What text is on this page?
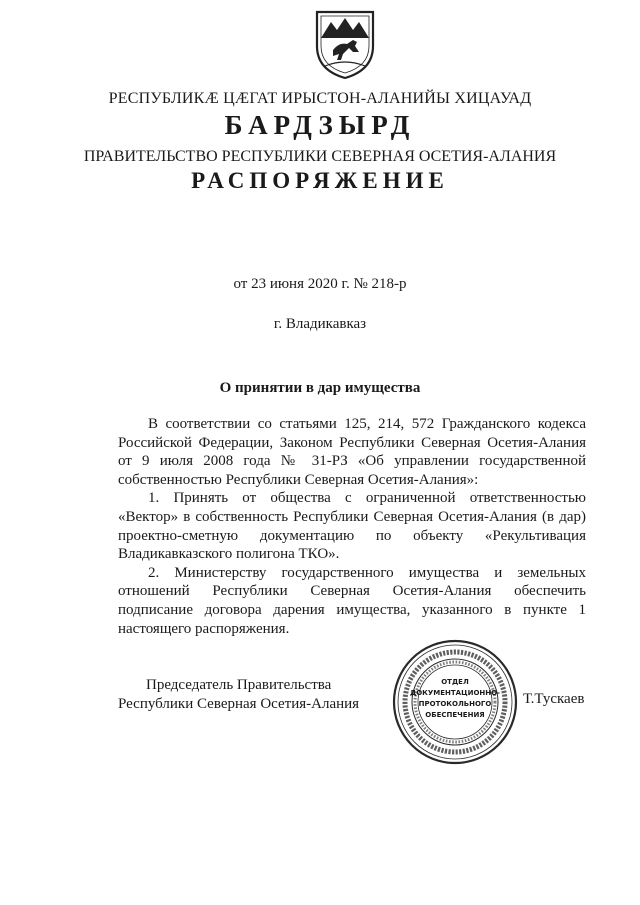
РЕСПУБЛИКӔ ЦӔГАТ ИРЫСТОН-АЛАНИЙЫ ХИЦАУАД
БАРДЗЫРД
ПРАВИТЕЛЬСТВО РЕСПУБЛИКИ СЕВЕРНАЯ ОСЕТИЯ-АЛАНИЯ
РАСПОРЯЖЕНИЕ
от 23 июня 2020 г. № 218-р
г. Владикавказ
О принятии в дар имущества

В соответствии со статьями 125, 214, 572 Гражданского кодекса Российской Федерации, Законом Республики Северная Осетия-Алания от 9 июля 2008 года № 31-РЗ «Об управлении государственной собственностью Республики Северная Осетия-Алания»:

1. Принять от общества с ограниченной ответственностью «Вектор» в собственность Республики Северная Осетия-Алания (в дар) проектно-сметную документацию по объекту «Рекультивация Владикавказского полигона ТКО».

2. Министерству государственного имущества и земельных отношений Республики Северная Осетия-Алания обеспечить подписание договора дарения имущества, указанного в пункте 1 настоящего распоряжения.

Председатель Правительства
Республики Северная Осетия-Алания
ОТДЕЛ
ДОКУМЕНТАЦИОННО-
ПРОТОКОЛЬНОГО
ОБЕСПЕЧЕНИЯ
Т.Тускаев
